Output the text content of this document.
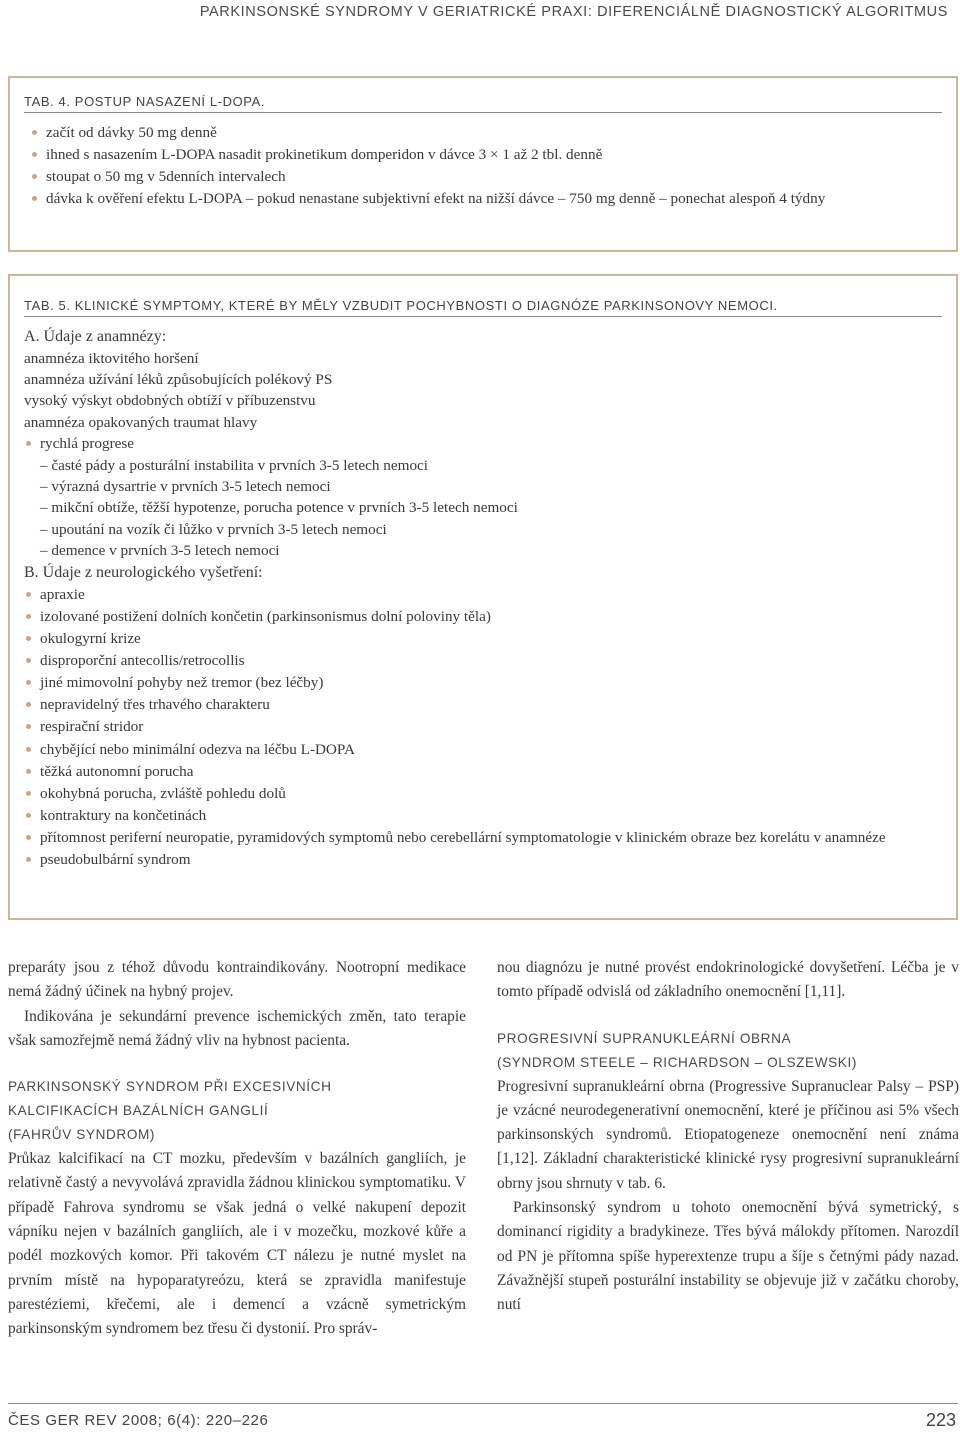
PARKINSONSKÉ SYNDROMY V GERIATRICKÉ PRAXI: DIFERENCIÁLNĚ DIAGNOSTICKÝ ALGORITMUS
TAB. 4. POSTUP NASAZENÍ L-DOPA.
začít od dávky 50 mg denně
ihned s nasazením L-DOPA nasadit prokinetikum domperidon v dávce 3 × 1 až 2 tbl. denně
stoupat o 50 mg v 5denních intervalech
dávka k ověření efektu L-DOPA – pokud nenastane subjektivní efekt na nižší dávce – 750 mg denně – ponechat alespoň 4 týdny
TAB. 5. KLINICKÉ SYMPTOMY, KTERÉ BY MĚLY VZBUDIT POCHYBNOSTI O DIAGNÓZE PARKINSONOVY NEMOCI.
A. Údaje z anamnézy:
anamnéza iktovitého horšení
anamnéza užívání léků způsobujících polékový PS
vysoký výskyt obdobných obtíží v příbuzenstvu
anamnéza opakovaných traumat hlavy
rychlá progrese
– časté pády a posturální instabilita v prvních 3-5 letech nemoci
– výrazná dysartrie v prvních 3-5 letech nemoci
– mikční obtíže, těžší hypotenze, porucha potence v prvních 3-5 letech nemoci
– upoutání na vozík či lůžko v prvních 3-5 letech nemoci
– demence v prvních 3-5 letech nemoci
B. Údaje z neurologického vyšetření:
apraxie
izolované postižení dolních končetin (parkinsonismus dolní poloviny těla)
okulogyrní krize
disproporční antecollis/retrocollis
jiné mimovolní pohyby než tremor (bez léčby)
nepravidelný třes trhavého charakteru
respirační stridor
chybějící nebo minimální odezva na léčbu L-DOPA
těžká autonomní porucha
okohybná porucha, zvláště pohledu dolů
kontraktury na končetinách
přítomnost periferní neuropatie, pyramidových symptomů nebo cerebellární symptomatologie v klinickém obraze bez korelátu v anamnéze
pseudobulbární syndrom

preparáty jsou z téhož důvodu kontraindikovány. Nootropní medikace nemá žádný účinek na hybný projev.

Indikována je sekundární prevence ischemických změn, tato terapie však samozřejmě nemá žádný vliv na hybnost pacienta.

PARKINSONSKÝ SYNDROM PŘI EXCESIVNÍCH
KALCIFIKACÍCH BAZÁLNÍCH GANGLIÍ
(FAHRŮV SYNDROM)

Průkaz kalcifikací na CT mozku, především v bazálních gangliích, je relativně častý a nevyvolává zpravidla žádnou klinickou symptomatiku. V případě Fahrova syndromu se však jedná o velké nakupení depozit vápníku nejen v bazálních gangliích, ale i v mozečku, mozkové kůře a podél mozkových komor. Při takovém CT nálezu je nutné myslet na prvním místě na hypoparatyreózu, která se zpravidla manifestuje parestéziemi, křečemi, ale i demencí a vzácně symetrickým parkinsonským syndromem bez třesu či dystonií. Pro správ-

nou diagnózu je nutné provést endokrinologické dovyšetření. Léčba je v tomto případě odvislá od základního onemocnění [1,11].

PROGRESIVNÍ SUPRANUKLEÁRNÍ OBRNA
(SYNDROM STEELE – RICHARDSON – OLSZEWSKI)

Progresivní supranukleární obrna (Progressive Supranuclear Palsy – PSP) je vzácné neurodegenerativní onemocnění, které je příčinou asi 5% všech parkinsonských syndromů. Etiopatogeneze onemocnění není známa [1,12]. Základní charakteristické klinické rysy progresivní supranukleární obrny jsou shrnuty v tab. 6.

Parkinsonský syndrom u tohoto onemocnění bývá symetrický, s dominancí rigidity a bradykineze. Třes bývá málokdy přítomen. Narozdíl od PN je přítomna spíše hyperextenze trupu a šíje s četnými pády nazad. Závažnější stupeň posturální instability se objevuje již v začátku choroby, nutí

ČES GER REV 2008; 6(4): 220–226	223
